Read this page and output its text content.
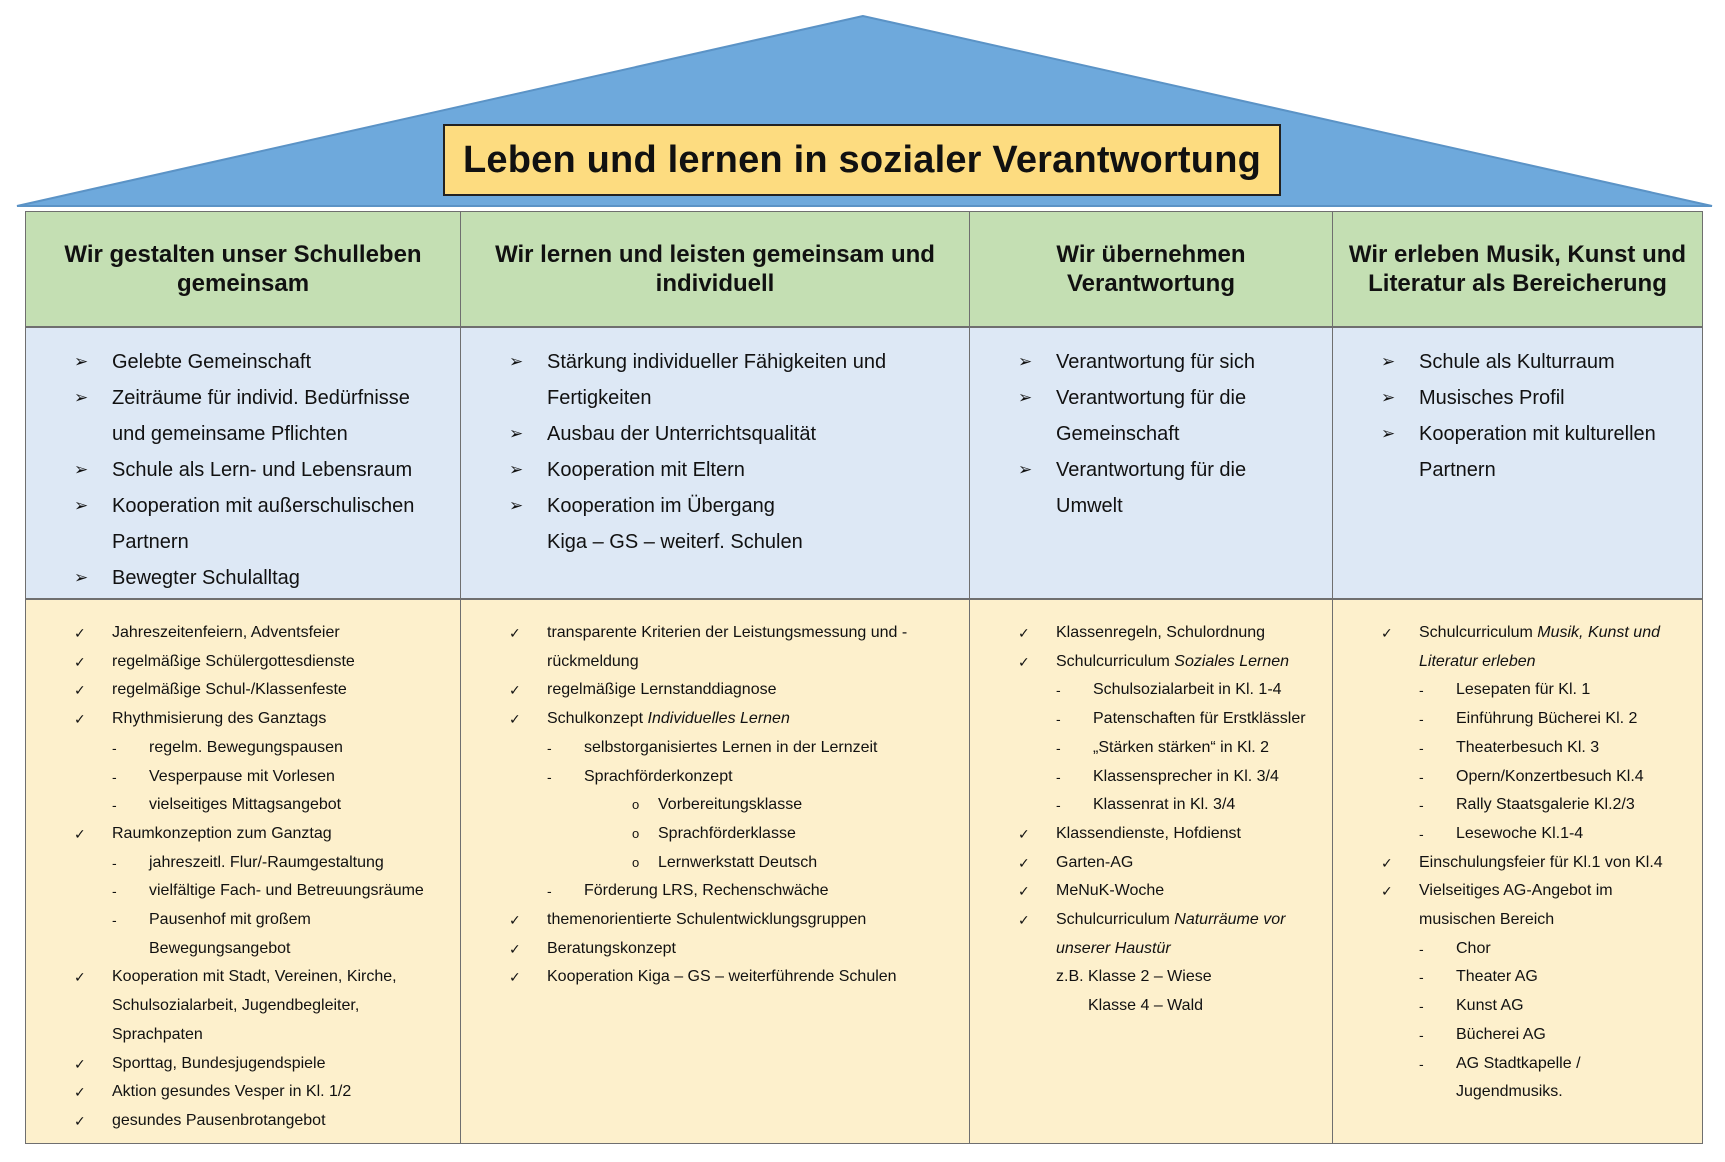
Leben und lernen in sozialer Verantwortung
Wir gestalten unser Schulleben gemeinsam
➢ Gelebte Gemeinschaft
➢ Zeiträume für individ. Bedürfnisse
und gemeinsame Pflichten
➢ Schule als Lern- und Lebensraum
➢ Kooperation mit außerschulischen
Partnern
➢ Bewegter Schulalltag
✓ Jahreszeitenfeiern, Adventsfeier
✓ regelmäßige Schülergottesdienste
✓ regelmäßige Schul-/Klassenfeste
✓ Rhythmisierung des Ganztags
- regelm. Bewegungspausen
- Vesperpause mit Vorlesen
- vielseitiges Mittagsangebot
✓ Raumkonzeption zum Ganztag
- jahreszeitl. Flur/-Raumgestaltung
- vielfältige Fach- und Betreuungsräume
- Pausenhof mit großem
Bewegungsangebot
✓ Kooperation mit Stadt, Vereinen, Kirche,
Schulsozialarbeit, Jugendbegleiter,
Sprachpaten
✓ Sporttag, Bundesjugendspiele
✓ Aktion gesundes Vesper in Kl. 1/2
✓ gesundes Pausenbrotangebot
Wir lernen und leisten gemeinsam und individuell
➢ Stärkung individueller Fähigkeiten und
Fertigkeiten
➢ Ausbau der Unterrichtsqualität
➢ Kooperation mit Eltern
➢ Kooperation im Übergang
Kiga – GS – weiterf. Schulen
✓ transparente Kriterien der Leistungsmessung und -
rückmeldung
✓ regelmäßige Lernstanddiagnose
✓ Schulkonzept Individuelles Lernen
- selbstorganisiertes Lernen in der Lernzeit
- Sprachförderkonzept
o Vorbereitungsklasse
o Sprachförderklasse
o Lernwerkstatt Deutsch
- Förderung LRS, Rechenschwäche
✓ themenorientierte Schulentwicklungsgruppen
✓ Beratungskonzept
✓ Kooperation Kiga – GS – weiterführende Schulen
Wir übernehmen Verantwortung
➢ Verantwortung für sich
➢ Verantwortung für die
Gemeinschaft
➢ Verantwortung für die
Umwelt
✓ Klassenregeln, Schulordnung
✓ Schulcurriculum Soziales Lernen
- Schulsozialarbeit in Kl. 1-4
- Patenschaften für Erstklässler
- „Stärken stärken“ in Kl. 2
- Klassensprecher in Kl. 3/4
- Klassenrat in Kl. 3/4
✓ Klassendienste, Hofdienst
✓ Garten-AG
✓ MeNuK-Woche
✓ Schulcurriculum Naturräume vor
unserer Haustür
z.B. Klasse 2 – Wiese
Klasse 4 – Wald
Wir erleben Musik, Kunst und Literatur als Bereicherung
➢ Schule als Kulturraum
➢ Musisches Profil
➢ Kooperation mit kulturellen
Partnern
✓ Schulcurriculum Musik, Kunst und
Literatur erleben
- Lesepaten für Kl. 1
- Einführung Bücherei Kl. 2
- Theaterbesuch Kl. 3
- Opern/Konzertbesuch Kl.4
- Rally Staatsgalerie Kl.2/3
- Lesewoche Kl.1-4
✓ Einschulungsfeier für Kl.1 von Kl.4
✓ Vielseitiges AG-Angebot im
musischen Bereich
- Chor
- Theater AG
- Kunst AG
- Bücherei AG
- AG Stadtkapelle /
Jugendmusiks.
